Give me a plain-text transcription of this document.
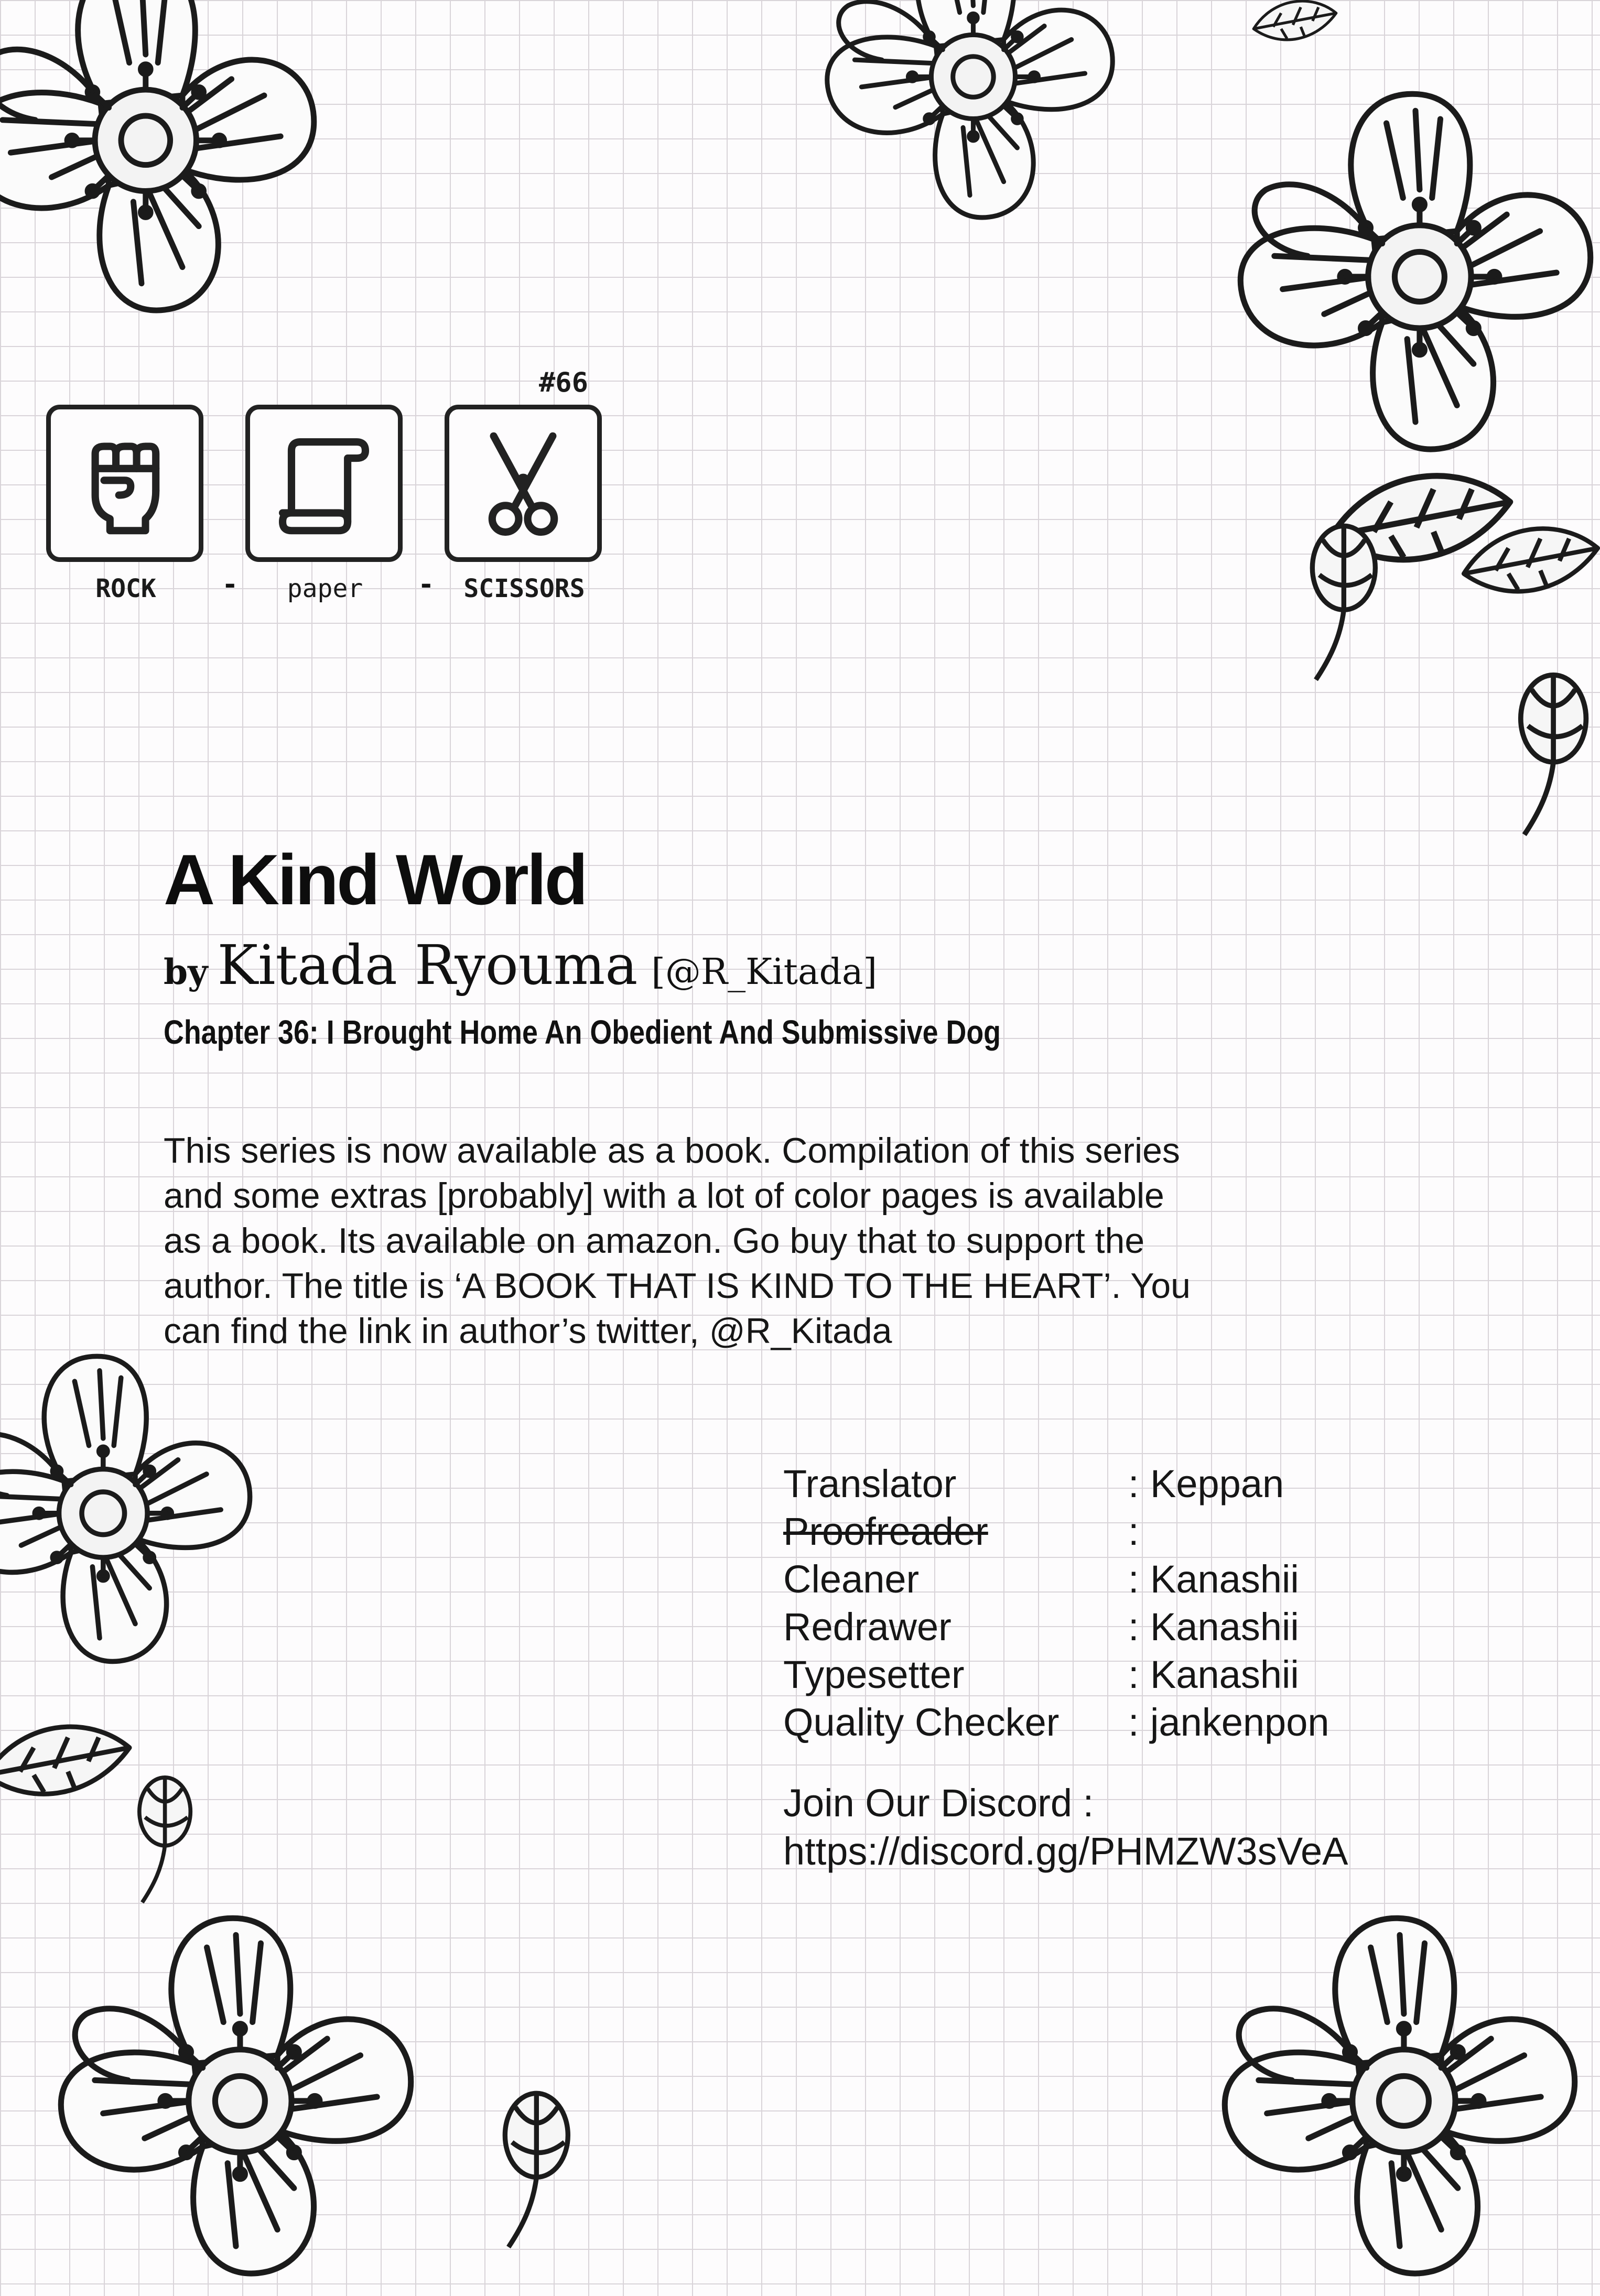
#66
ROCK	-	paper	-	SCISSORS
A Kind World
by Kitada Ryouma [@R_Kitada]
Chapter 36: I Brought Home An Obedient And Submissive Dog
This series is now available as a book. Compilation of this series
and some extras [probably] with a lot of color pages is available
as a book. Its available on amazon. Go buy that to support the
author. The title is ‘A BOOK THAT IS KIND TO THE HEART’. You
can find the link in author’s twitter, @R_Kitada
Translator	: Keppan
Proofreader	:
Cleaner	: Kanashii
Redrawer	: Kanashii
Typesetter	: Kanashii
Quality Checker : jankenpon
Join Our Discord :
https://discord.gg/PHMZW3sVeA
